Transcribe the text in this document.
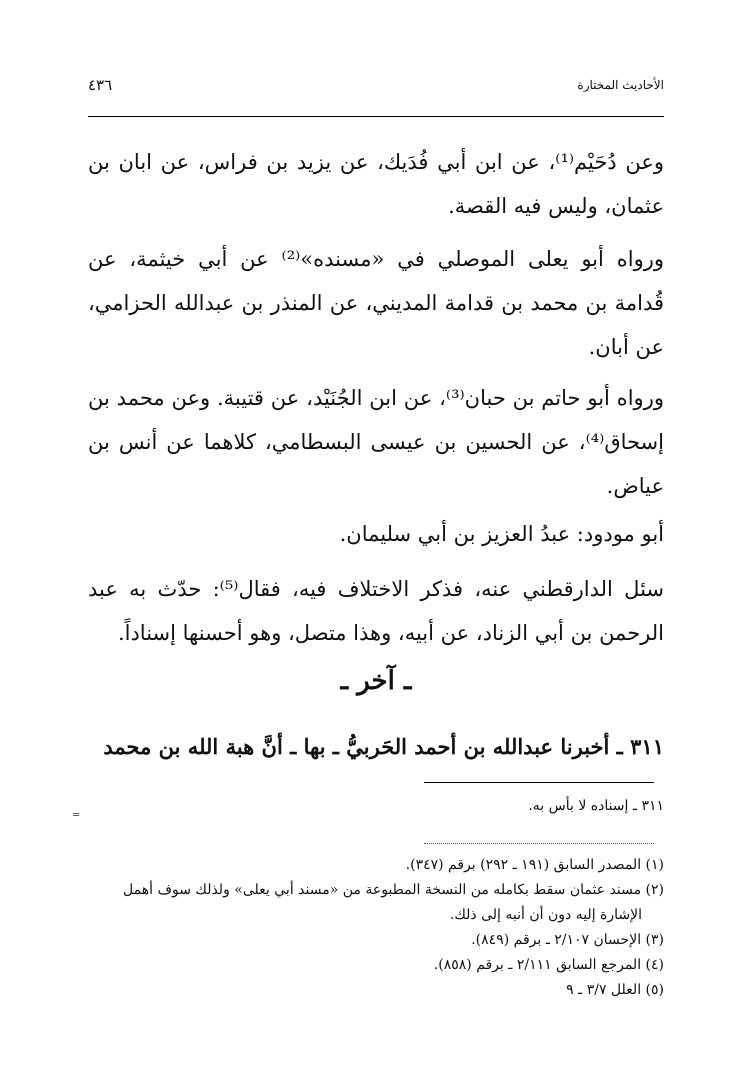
٤٣٦	الأحاديث المختارة
وعن دُحَيْم⁽¹⁾، عن ابن أبي فُدَيك، عن يزيد بن فراس، عن ابان بن عثمان، وليس فيه القصة.
ورواه أبو يعلى الموصلي في «مسنده»⁽²⁾ عن أبي خيثمة، عن قُدامة بن محمد بن قدامة المديني، عن المنذر بن عبدالله الحزامي، عن أبان.
ورواه أبو حاتم بن حبان⁽³⁾، عن ابن الجُنَيْد، عن قتيبة. وعن محمد بن إسحاق⁽⁴⁾، عن الحسين بن عيسى البسطامي، كلاهما عن أنس بن عياض.
أبو مودود: عبدُ العزيز بن أبي سليمان.
سئل الدارقطني عنه، فذكر الاختلاف فيه، فقال⁽⁵⁾: حدّث به عبد الرحمن بن أبي الزناد، عن أبيه، وهذا متصل، وهو أحسنها إسناداً.
ـ آخر ـ
٣١١ ـ أخبرنا عبدالله بن أحمد الحَربيُّ ـ بها ـ أنَّ هبة الله بن محمد
٣١١ ـ إسناده لا بأس به.
=
(١) المصدر السابق (١٩١ ـ ٢٩٢) برقم (٣٤٧).
(٢) مسند عثمان سقط بكامله من النسخة المطبوعة من «مسند أبي يعلى» ولذلك سوف أهمل
الإشارة إليه دون أن أنبه إلى ذلك.
(٣) الإحسان ٢/١٠٧ ـ برقم (٨٤٩).
(٤) المرجع السابق ٢/١١١ ـ برقم (٨٥٨).
(٥) العلل ٣/٧ ـ ٩
